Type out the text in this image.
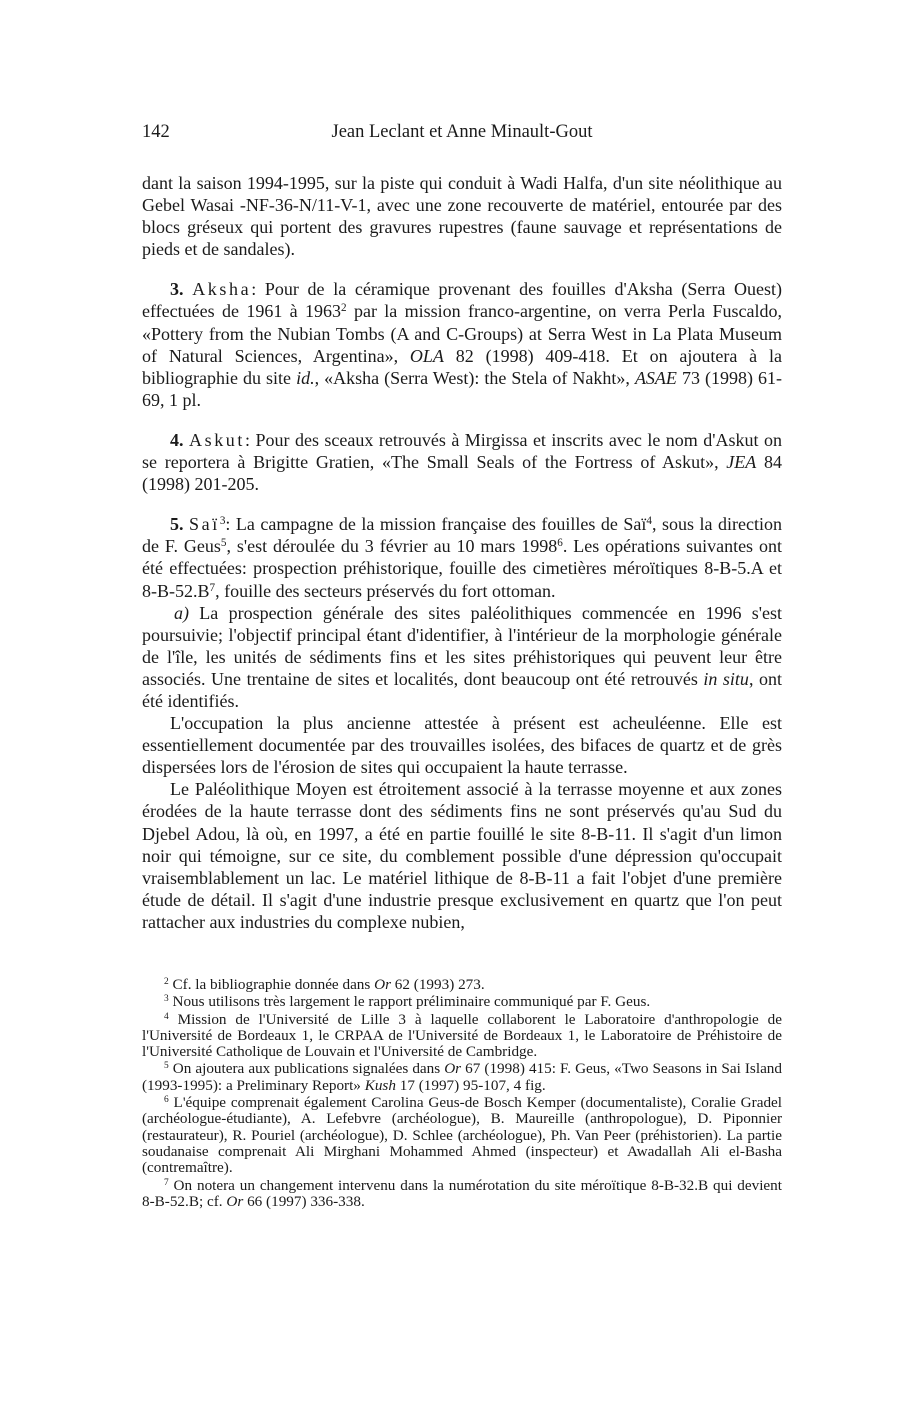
142	Jean Leclant et Anne Minault-Gout

dant la saison 1994-1995, sur la piste qui conduit à Wadi Halfa, d'un site néolithique au Gebel Wasai -NF-36-N/11-V-1, avec une zone recouverte de matériel, entourée par des blocs gréseux qui portent des gravures rupestres (faune sauvage et représentations de pieds et de sandales).

3. Aksha: Pour de la céramique provenant des fouilles d'Aksha (Serra Ouest) effectuées de 1961 à 1963$^2$ par la mission franco-argentine, on verra Perla Fuscaldo, «Pottery from the Nubian Tombs (A and C-Groups) at Serra West in La Plata Museum of Natural Sciences, Argentina», OLA 82 (1998) 409-418. Et on ajoutera à la bibliographie du site id., «Aksha (Serra West): the Stela of Nakht», ASAE 73 (1998) 61-69, 1 pl.

4. Askut: Pour des sceaux retrouvés à Mirgissa et inscrits avec le nom d'Askut on se reportera à Brigitte Gratien, «The Small Seals of the Fortress of Askut», JEA 84 (1998) 201-205.

5. Saï$^3$: La campagne de la mission française des fouilles de Saï$^4$, sous la direction de F. Geus$^5$, s'est déroulée du 3 février au 10 mars 1998$^6$. Les opérations suivantes ont été effectuées: prospection préhistorique, fouille des cimetières méroïtiques 8-B-5.A et $8-B-52.B^7$, fouille des secteurs préservés du fort ottoman.

a) La prospection générale des sites paléolithiques commencée en 1996 s'est poursuivie; l'objectif principal étant d'identifier, à l'intérieur de la morphologie générale de l'île, les unités de sédiments fins et les sites préhistoriques qui peuvent leur être associés. Une trentaine de sites et localités, dont beaucoup ont été retrouvés in situ, ont été identifiés.

L'occupation la plus ancienne attestée à présent est acheuléenne. Elle est essentiellement documentée par des trouvailles isolées, des bifaces de quartz et de grès dispersées lors de l'érosion de sites qui occupaient la haute terrasse.

Le Paléolithique Moyen est étroitement associé à la terrasse moyenne et aux zones érodées de la haute terrasse dont des sédiments fins ne sont préservés qu'au Sud du Djebel Adou, là où, en 1997, a été en partie fouillé le site 8-B-11. Il s'agit d'un limon noir qui témoigne, sur ce site, du comblement possible d'une dépression qu'occupait vraisemblablement un lac. Le matériel lithique de 8-B-11 a fait l'objet d'une première étude de détail. Il s'agit d'une industrie presque exclusivement en quartz que l'on peut rattacher aux industries du complexe nubien,

$^2$ Cf. la bibliographie donnée dans Or 62 (1993) 273.

$^3$ Nous utilisons très largement le rapport préliminaire communiqué par F. Geus.

$^4$ Mission de l'Université de Lille 3 à laquelle collaborent le Laboratoire d'anthropologie de l'Université de Bordeaux 1, le CRPAA de l'Université de Bordeaux 1, le Laboratoire de Préhistoire de l'Université Catholique de Louvain et l'Université de Cambridge.

$^5$ On ajoutera aux publications signalées dans Or 67 (1998) 415: F. Geus, «Two Seasons in Sai Island (1993-1995): a Preliminary Report» Kush 17 (1997) 95-107, 4 fig.

$^6$ L'équipe comprenait également Carolina Geus-de Bosch Kemper (documentaliste), Coralie Gradel (archéologue-étudiante), A. Lefebvre (archéologue), B. Maureille (anthropologue), D. Piponnier (restaurateur), R. Pouriel (archéologue), D. Schlee (archéologue), Ph. Van Peer (préhistorien). La partie soudanaise comprenait Ali Mirghani Mohammed Ahmed (inspecteur) et Awadallah Ali el-Basha (contremaître).

$^7$ On notera un changement intervenu dans la numérotation du site méroïtique 8-B-32.B qui devient 8-B-52.B; cf. Or 66 (1997) 336-338.
